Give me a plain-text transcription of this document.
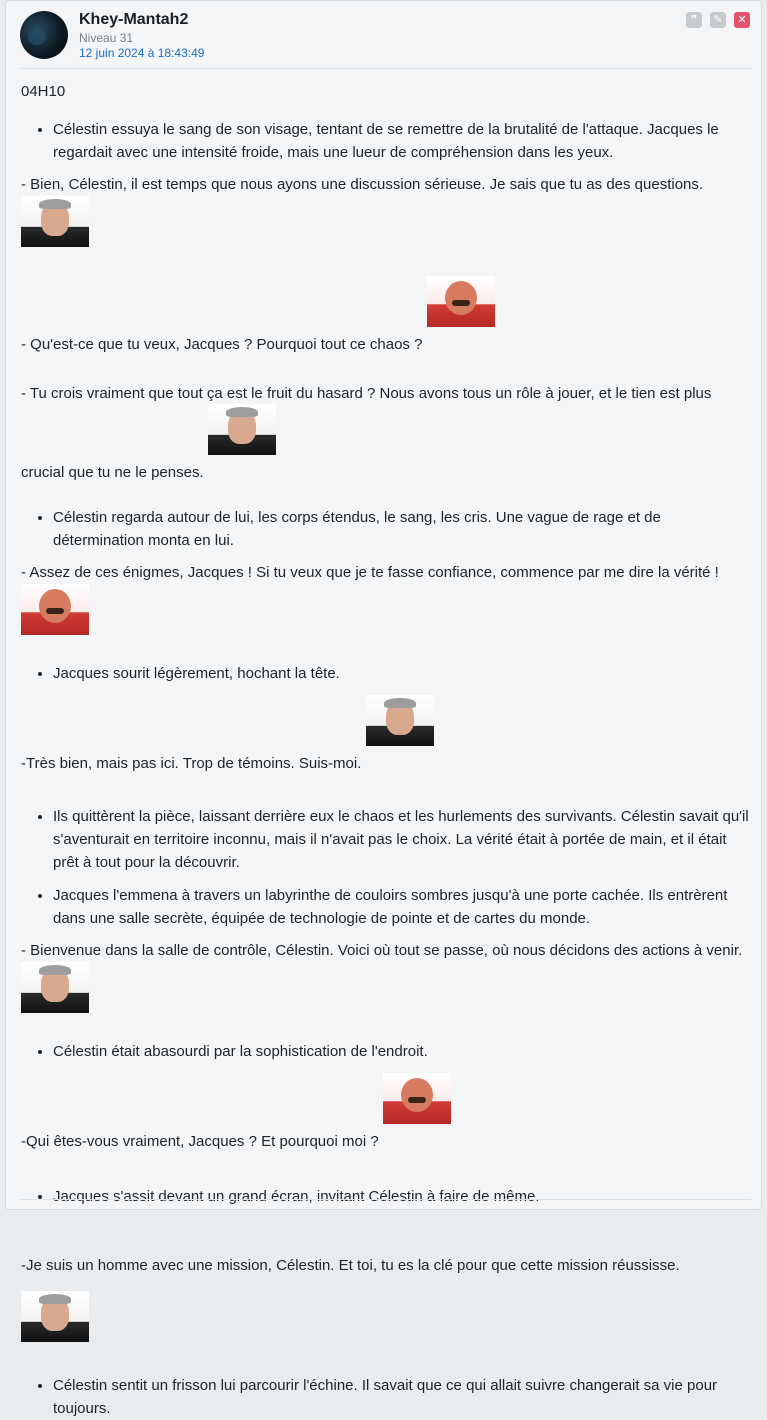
Khey-Mantah2
Niveau 31
12 juin 2024 à 18:43:49
❞	✎	✕

04H10

• Célestin essuya le sang de son visage, tentant de se remettre de la brutalité de l'attaque. Jacques le regardait avec une intensité froide, mais une lueur de compréhension dans les yeux.

- Bien, Célestin, il est temps que nous ayons une discussion sérieuse. Je sais que tu as des questions.

- Qu'est-ce que tu veux, Jacques ? Pourquoi tout ce chaos ?

- Tu crois vraiment que tout ça est le fruit du hasard ? Nous avons tous un rôle à jouer, et le tien est plus

crucial que tu ne le penses.

• Célestin regarda autour de lui, les corps étendus, le sang, les cris. Une vague de rage et de détermination monta en lui.

- Assez de ces énigmes, Jacques ! Si tu veux que je te fasse confiance, commence par me dire la vérité !

• Jacques sourit légèrement, hochant la tête.

-Très bien, mais pas ici. Trop de témoins. Suis-moi.

• Ils quittèrent la pièce, laissant derrière eux le chaos et les hurlements des survivants. Célestin savait qu'il s'aventurait en territoire inconnu, mais il n'avait pas le choix. La vérité était à portée de main, et il était prêt à tout pour la découvrir.
• Jacques l'emmena à travers un labyrinthe de couloirs sombres jusqu'à une porte cachée. Ils entrèrent dans une salle secrète, équipée de technologie de pointe et de cartes du monde.

- Bienvenue dans la salle de contrôle, Célestin. Voici où tout se passe, où nous décidons des actions à venir.

• Célestin était abasourdi par la sophistication de l'endroit.

-Qui êtes-vous vraiment, Jacques ? Et pourquoi moi ?

• Jacques s'assit devant un grand écran, invitant Célestin à faire de même.

-Je suis un homme avec une mission, Célestin. Et toi, tu es la clé pour que cette mission réussisse.

• Célestin sentit un frisson lui parcourir l'échine. Il savait que ce qui allait suivre changerait sa vie pour toujours.
